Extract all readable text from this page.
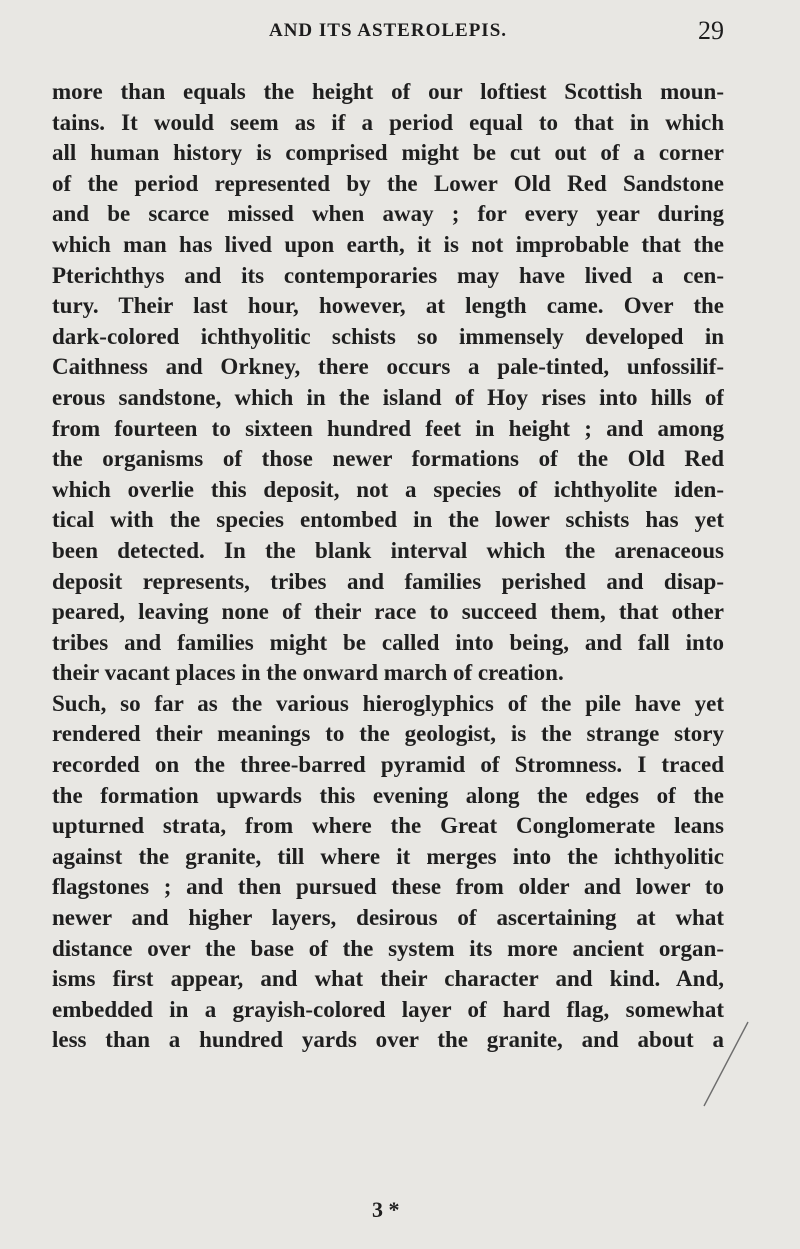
AND ITS ASTEROLEPIS.	29
more than equals the height of our loftiest Scottish moun-
tains. It would seem as if a period equal to that in which
all human history is comprised might be cut out of a corner
of the period represented by the Lower Old Red Sandstone
and be scarce missed when away ; for every year during
which man has lived upon earth, it is not improbable that the
Pterichthys and its contemporaries may have lived a cen-
tury. Their last hour, however, at length came. Over the
dark-colored ichthyolitic schists so immensely developed in
Caithness and Orkney, there occurs a pale-tinted, unfossilif-
erous sandstone, which in the island of Hoy rises into hills of
from fourteen to sixteen hundred feet in height ; and among
the organisms of those newer formations of the Old Red
which overlie this deposit, not a species of ichthyolite iden-
tical with the species entombed in the lower schists has yet
been detected. In the blank interval which the arenaceous
deposit represents, tribes and families perished and disap-
peared, leaving none of their race to succeed them, that other
tribes and families might be called into being, and fall into
their vacant places in the onward march of creation.
Such, so far as the various hieroglyphics of the pile have yet
rendered their meanings to the geologist, is the strange story
recorded on the three-barred pyramid of Stromness. I traced
the formation upwards this evening along the edges of the
upturned strata, from where the Great Conglomerate leans
against the granite, till where it merges into the ichthyolitic
flagstones ; and then pursued these from older and lower to
newer and higher layers, desirous of ascertaining at what
distance over the base of the system its more ancient organ-
isms first appear, and what their character and kind. And,
embedded in a grayish-colored layer of hard flag, somewhat
less than a hundred yards over the granite, and about a
3 *
